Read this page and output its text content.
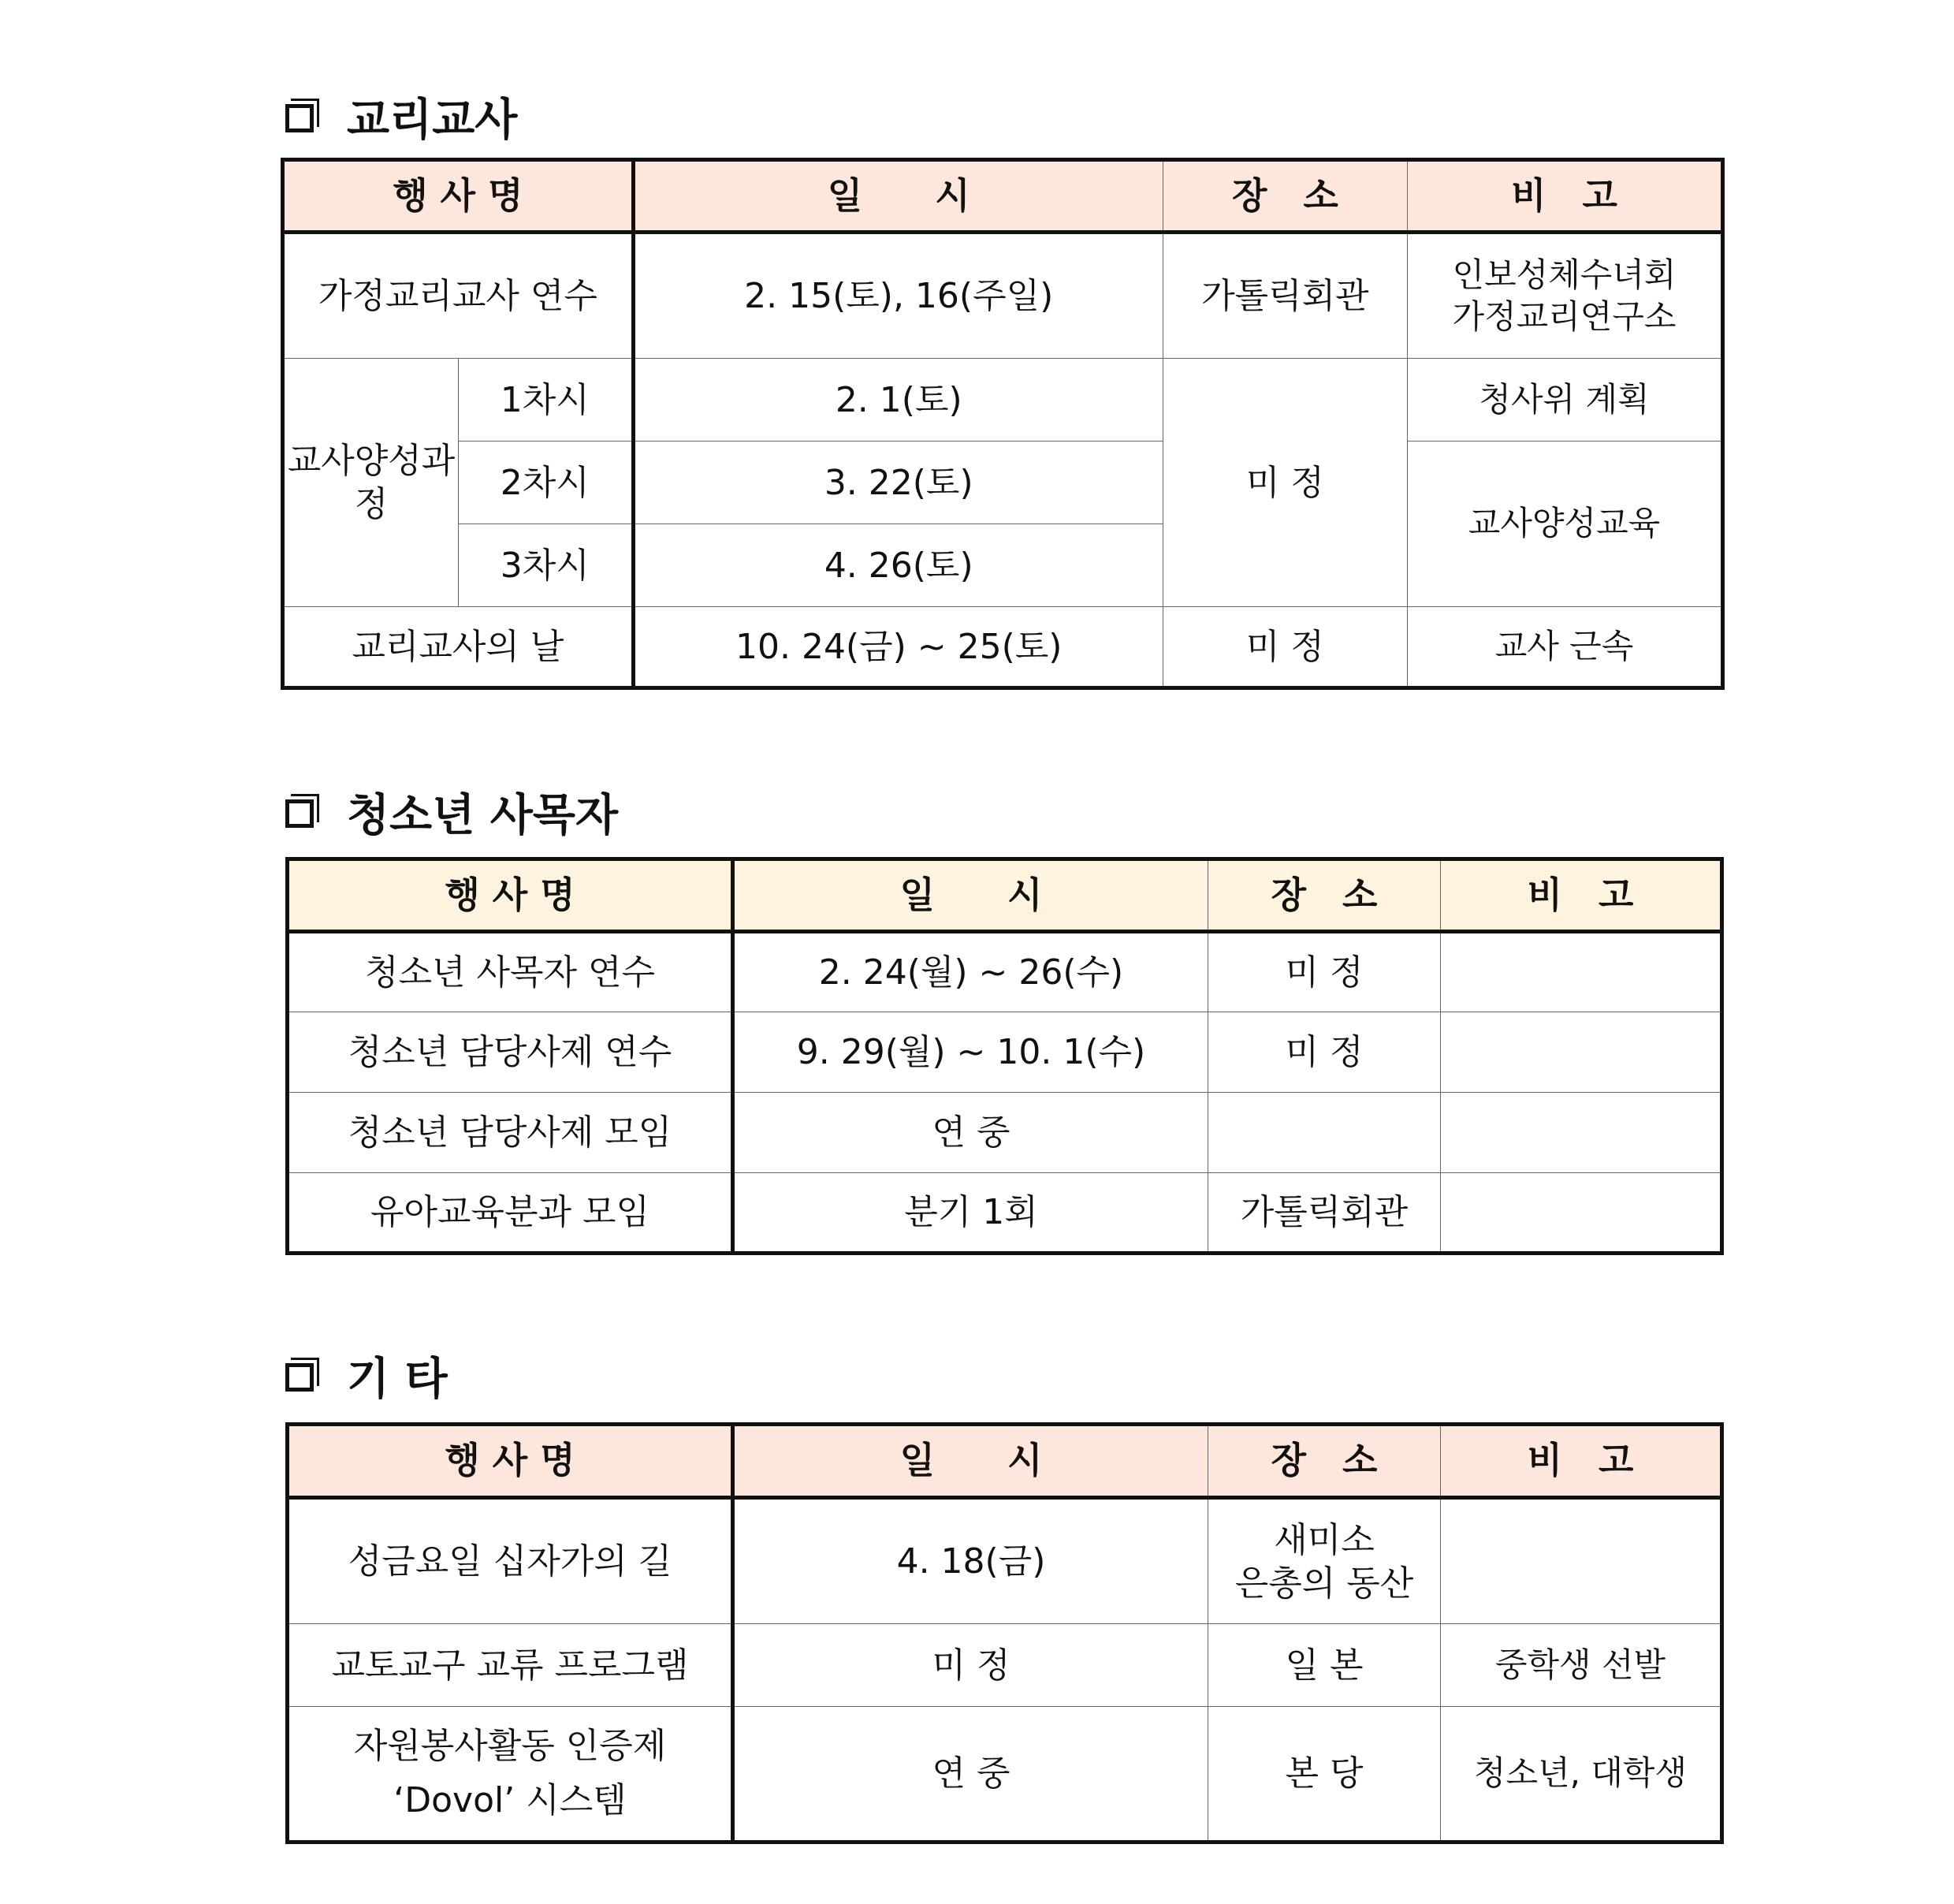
교리교사
행 사 명		일　　시	장　소	비　고
가정교리교사 연수		2. 15(토), 16(주일)	가톨릭회관	인보성체수녀회
가정교리연구소
교사양성과정	1차시	2. 1(토)	미 정	청사위 계획
	2차시	3. 22(토)		교사양성교육
	3차시	4. 26(토)		
교리교사의 날		10. 24(금) ~ 25(토)	미 정	교사 근속
청소년 사목자
행 사 명	일　　시	장　소	비　고
청소년 사목자 연수	2. 24(월) ~ 26(수)	미 정	
청소년 담당사제 연수	9. 29(월) ~ 10. 1(수)	미 정	
청소년 담당사제 모임	연 중		
유아교육분과 모임	분기 1회	가톨릭회관	
기 타
행 사 명	일　　시	장　소	비　고
성금요일 십자가의 길	4. 18(금)	새미소
은총의 동산	
교토교구 교류 프로그램	미 정	일 본	중학생 선발
자원봉사활동 인증제
‘Dovol’ 시스템	연 중	본 당	청소년, 대학생
